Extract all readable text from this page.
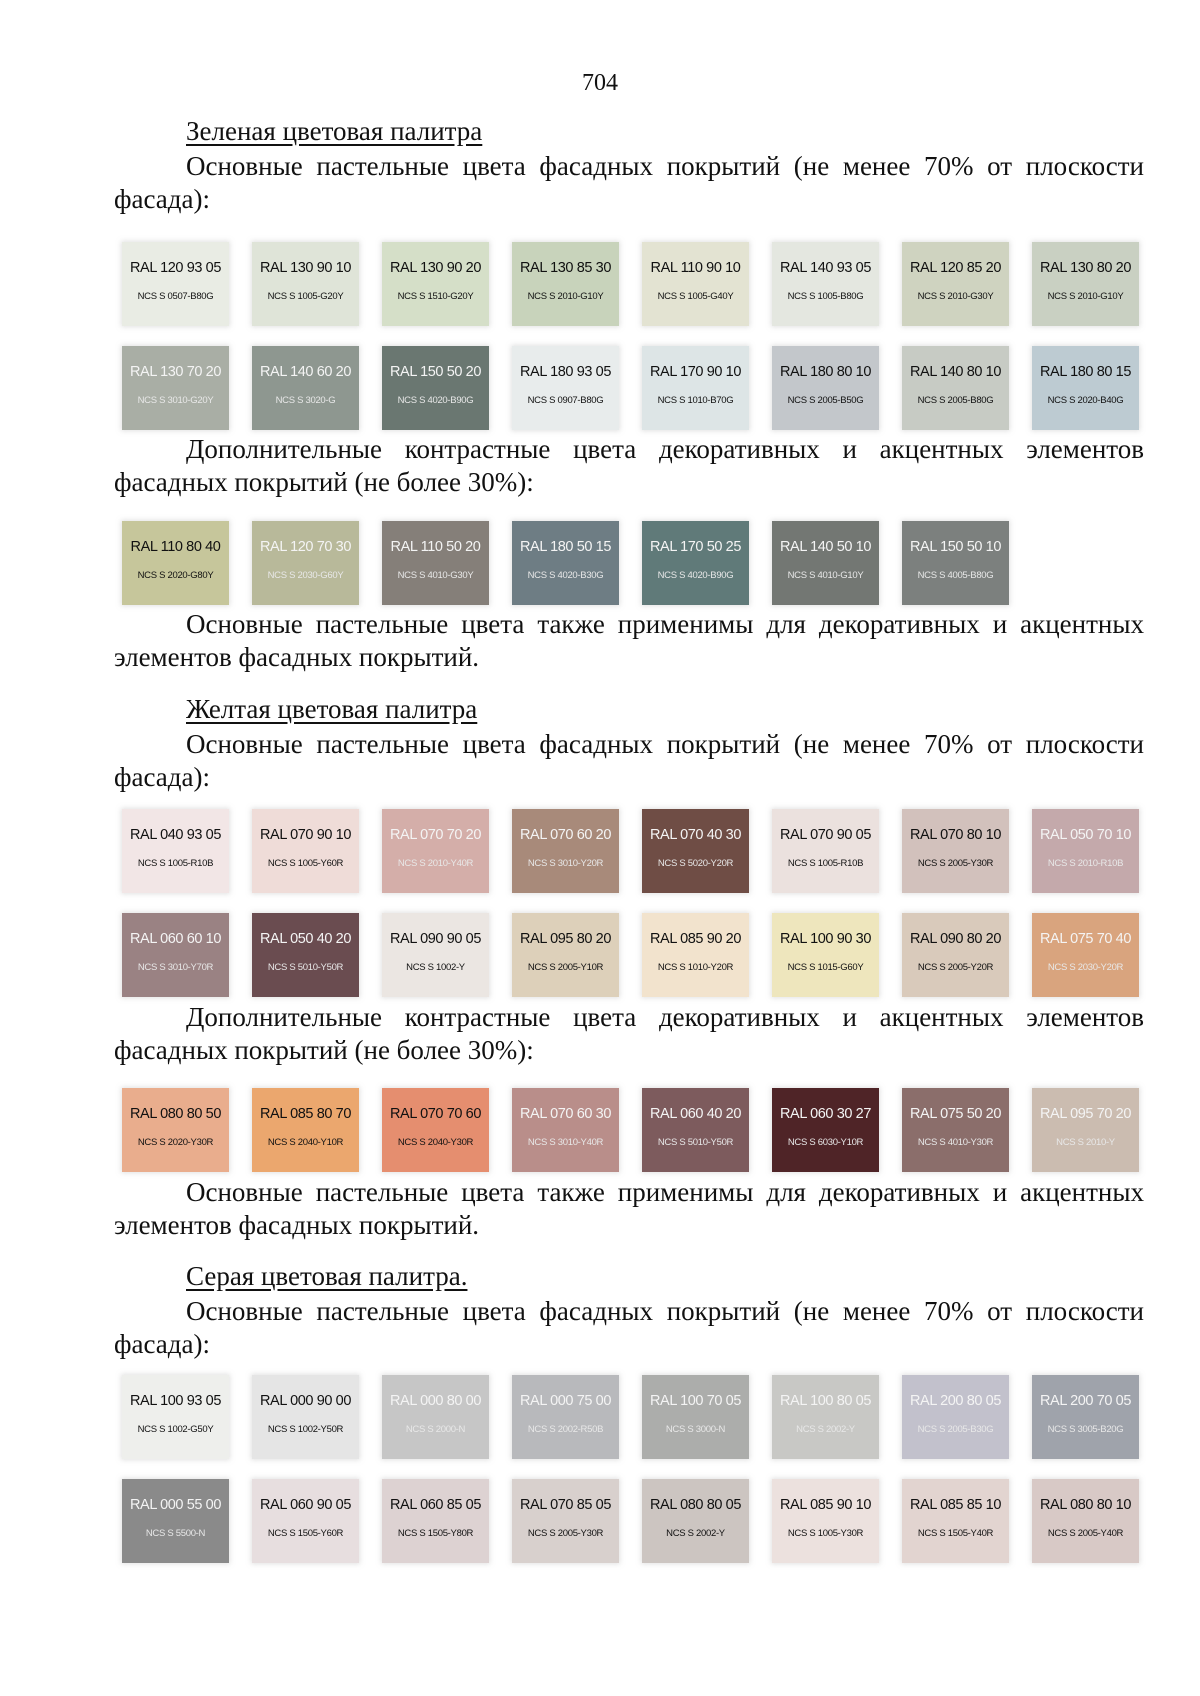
704
Зеленая цветовая палитра

Основные пастельные цвета фасадных покрытий (не менее 70% от плоскости фасада):

RAL 120 93 05
NCS S 0507-B80G
RAL 130 90 10
NCS S 1005-G20Y
RAL 130 90 20
NCS S 1510-G20Y
RAL 130 85 30
NCS S 2010-G10Y
RAL 110 90 10
NCS S 1005-G40Y
RAL 140 93 05
NCS S 1005-B80G
RAL 120 85 20
NCS S 2010-G30Y
RAL 130 80 20
NCS S 2010-G10Y
RAL 130 70 20
NCS S 3010-G20Y
RAL 140 60 20
NCS S 3020-G
RAL 150 50 20
NCS S 4020-B90G
RAL 180 93 05
NCS S 0907-B80G
RAL 170 90 10
NCS S 1010-B70G
RAL 180 80 10
NCS S 2005-B50G
RAL 140 80 10
NCS S 2005-B80G
RAL 180 80 15
NCS S 2020-B40G

Дополнительные контрастные цвета декоративных и акцентных элементов фасадных покрытий (не более 30%):

RAL 110 80 40
NCS S 2020-G80Y
RAL 120 70 30
NCS S 2030-G60Y
RAL 110 50 20
NCS S 4010-G30Y
RAL 180 50 15
NCS S 4020-B30G
RAL 170 50 25
NCS S 4020-B90G
RAL 140 50 10
NCS S 4010-G10Y
RAL 150 50 10
NCS S 4005-B80G

Основные пастельные цвета также применимы для декоративных и акцентных элементов фасадных покрытий.

Желтая цветовая палитра

Основные пастельные цвета фасадных покрытий (не менее 70% от плоскости фасада):

RAL 040 93 05
NCS S 1005-R10B
RAL 070 90 10
NCS S 1005-Y60R
RAL 070 70 20
NCS S 2010-Y40R
RAL 070 60 20
NCS S 3010-Y20R
RAL 070 40 30
NCS S 5020-Y20R
RAL 070 90 05
NCS S 1005-R10B
RAL 070 80 10
NCS S 2005-Y30R
RAL 050 70 10
NCS S 2010-R10B
RAL 060 60 10
NCS S 3010-Y70R
RAL 050 40 20
NCS S 5010-Y50R
RAL 090 90 05
NCS S 1002-Y
RAL 095 80 20
NCS S 2005-Y10R
RAL 085 90 20
NCS S 1010-Y20R
RAL 100 90 30
NCS S 1015-G60Y
RAL 090 80 20
NCS S 2005-Y20R
RAL 075 70 40
NCS S 2030-Y20R

Дополнительные контрастные цвета декоративных и акцентных элементов фасадных покрытий (не более 30%):

RAL 080 80 50
NCS S 2020-Y30R
RAL 085 80 70
NCS S 2040-Y10R
RAL 070 70 60
NCS S 2040-Y30R
RAL 070 60 30
NCS S 3010-Y40R
RAL 060 40 20
NCS S 5010-Y50R
RAL 060 30 27
NCS S 6030-Y10R
RAL 075 50 20
NCS S 4010-Y30R
RAL 095 70 20
NCS S 2010-Y

Основные пастельные цвета также применимы для декоративных и акцентных элементов фасадных покрытий.

Серая цветовая палитра.

Основные пастельные цвета фасадных покрытий (не менее 70% от плоскости фасада):

RAL 100 93 05
NCS S 1002-G50Y
RAL 000 90 00
NCS S 1002-Y50R
RAL 000 80 00
NCS S 2000-N
RAL 000 75 00
NCS S 2002-R50B
RAL 100 70 05
NCS S 3000-N
RAL 100 80 05
NCS S 2002-Y
RAL 200 80 05
NCS S 2005-B30G
RAL 200 70 05
NCS S 3005-B20G
RAL 000 55 00
NCS S 5500-N
RAL 060 90 05
NCS S 1505-Y60R
RAL 060 85 05
NCS S 1505-Y80R
RAL 070 85 05
NCS S 2005-Y30R
RAL 080 80 05
NCS S 2002-Y
RAL 085 90 10
NCS S 1005-Y30R
RAL 085 85 10
NCS S 1505-Y40R
RAL 080 80 10
NCS S 2005-Y40R
